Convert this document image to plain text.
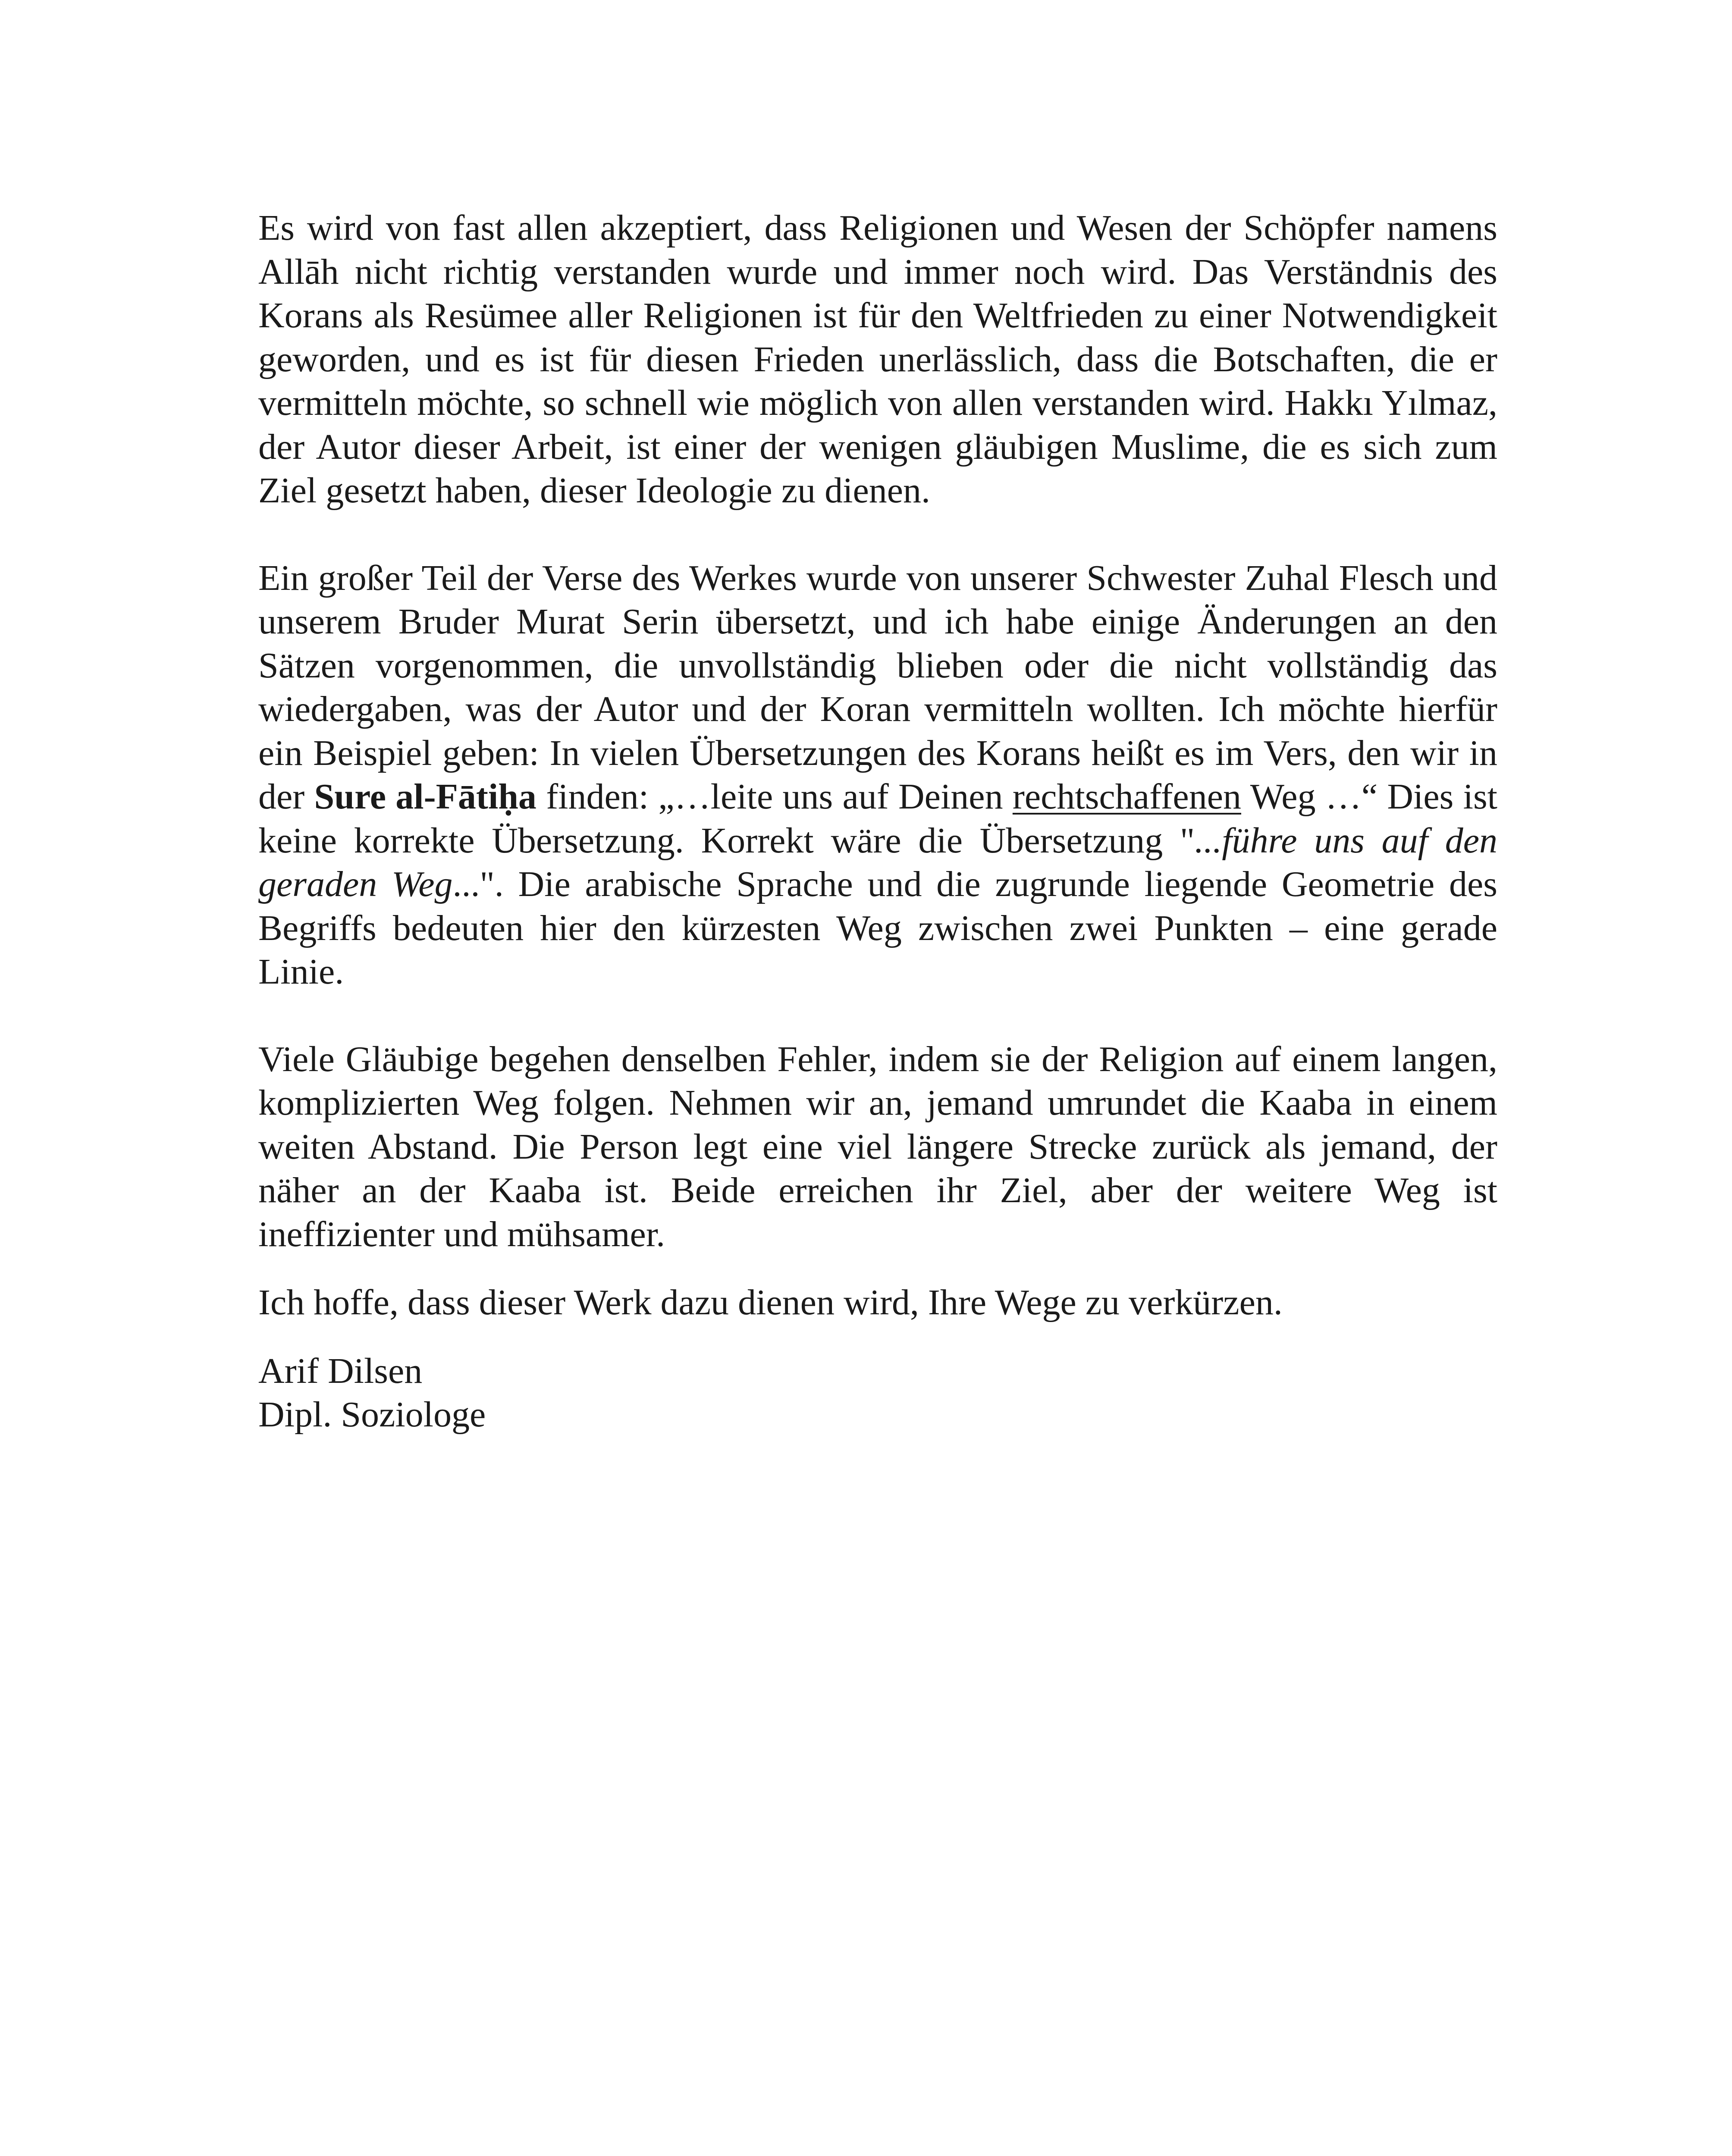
Es wird von fast allen akzeptiert, dass Religionen und Wesen der Schöpfer namens Allāh nicht richtig verstanden wurde und immer noch wird. Das Verständnis des Korans als Resümee aller Religionen ist für den Weltfrieden zu einer Notwendigkeit geworden, und es ist für diesen Frieden unerlässlich, dass die Botschaften, die er vermitteln möchte, so schnell wie möglich von allen verstanden wird. Hakkı Yılmaz, der Autor dieser Arbeit, ist einer der wenigen gläubigen Muslime, die es sich zum Ziel gesetzt haben, dieser Ideologie zu dienen.

Ein großer Teil der Verse des Werkes wurde von unserer Schwester Zuhal Flesch und unserem Bruder Murat Serin übersetzt, und ich habe einige Änderungen an den Sätzen vorgenommen, die unvollständig blieben oder die nicht vollständig das wiedergaben, was der Autor und der Koran vermitteln wollten. Ich möchte hierfür ein Beispiel geben: In vielen Übersetzungen des Korans heißt es im Vers, den wir in der Sure al-Fātiḥa finden: „…leite uns auf Deinen rechtschaffenen Weg …“ Dies ist keine korrekte Übersetzung. Korrekt wäre die Übersetzung "...führe uns auf den geraden Weg...". Die arabische Sprache und die zugrunde liegende Geometrie des Begriffs bedeuten hier den kürzesten Weg zwischen zwei Punkten – eine gerade Linie.

Viele Gläubige begehen denselben Fehler, indem sie der Religion auf einem langen, komplizierten Weg folgen. Nehmen wir an, jemand umrundet die Kaaba in einem weiten Abstand. Die Person legt eine viel längere Strecke zurück als jemand, der näher an der Kaaba ist. Beide erreichen ihr Ziel, aber der weitere Weg ist ineffizienter und mühsamer.

Ich hoffe, dass dieser Werk dazu dienen wird, Ihre Wege zu verkürzen.

Arif Dilsen
Dipl. Soziologe
